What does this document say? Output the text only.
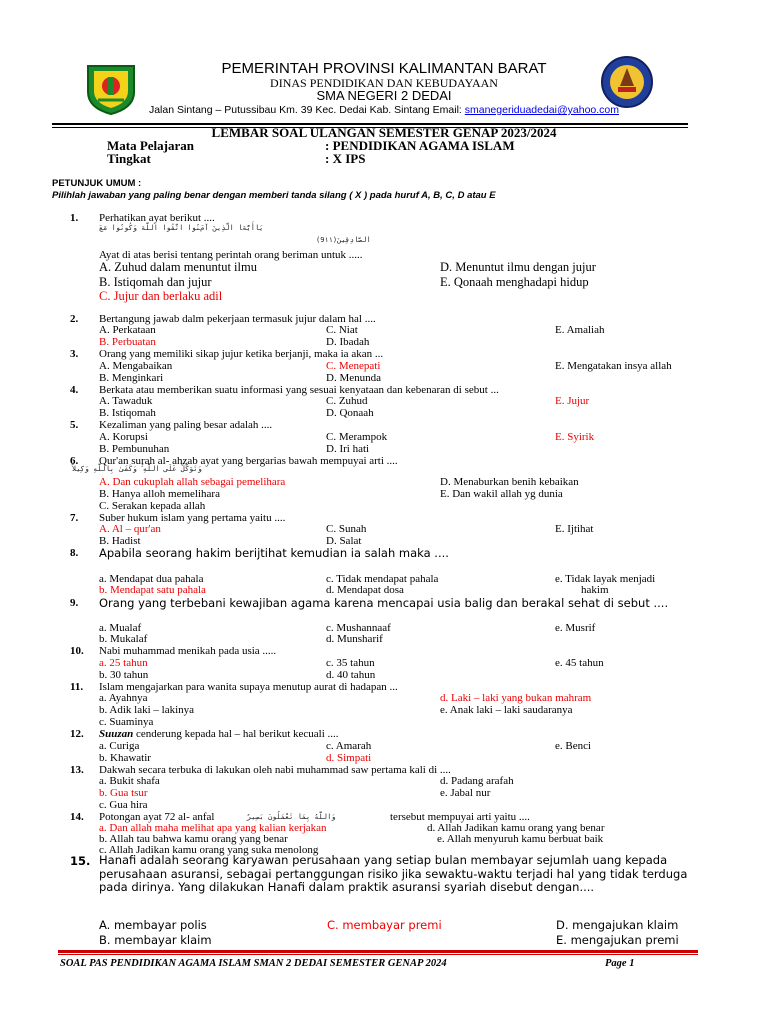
PEMERINTAH PROVINSI KALIMANTAN BARAT
DINAS PENDIDIKAN DAN KEBUDAYAAN
SMA NEGERI 2 DEDAI
Jalan Sintang – Putussibau Km. 39 Kec. Dedai Kab. Sintang Email: smanegeriduadedai@yahoo.com
LEMBAR SOAL ULANGAN SEMESTER GENAP 2023/2024
Mata Pelajaran	: PENDIDIKAN AGAMA ISLAM
Tingkat	: X IPS
PETUNJUK UMUM :
Pilihlah jawaban yang paling benar dengan memberi tanda silang ( X ) pada huruf A, B, C, D atau E
1. Perhatikan ayat berikut ....
ﯾَﺎأَيُّهَﺎ الَّذِينَ آمَﻨُﻮا اﺗَّﻘُﻮا اللَّهَ وَﻛُﻮﻧُﻮا ﻣَﻊَ
اﻟﺼَّﺎدِﻗِﯿﻦَ(9١١)
Ayat di atas berisi tentang perintah orang beriman untuk .....
A. Zuhud dalam menuntut ilmu
B. Istiqomah dan jujur
C. Jujur dan berlaku adil
D. Menuntut ilmu dengan jujur
E. Qonaah menghadapi hidup
2. Bertangung jawab dalm pekerjaan termasuk jujur dalam hal ....
A. Perkataan
B. Perbuatan
C. Niat
D. Ibadah
E. Amaliah
3. Orang yang memiliki sikap jujur ketika berjanji, maka ia akan ...
A. Mengabaikan
B. Menginkari
C. Menepati
D. Menunda
E. Mengatakan insya allah
4. Berkata atau memberikan suatu informasi yang sesuai kenyataan dan kebenaran di sebut ...
A. Tawaduk
B. Istiqomah
C. Zuhud
D. Qonaah
E. Jujur
5. Kezaliman yang paling besar adalah ....
A. Korupsi
B. Pembunuhan
C. Merampok
D. Iri hati
E. Syirik
6. Qur'an surah al- ahzab ayat yang bergarias bawah mempuyai arti ....
وَﺗَﻮَﻛَّﻞْ ﻋَﻠَﻰ اﻟﻠَّﻪِ ۚ وَﻛَﻔَﻰٰ ﺑِﺎﻟﻠَّﻪِ وَﻛِﯿﻼً
A. Dan cukuplah allah sebagai pemelihara
B. Hanya alloh memelihara
C. Serakan kepada allah
D. Menaburkan benih kebaikan
E. Dan wakil allah yg dunia
7. Suber hukum islam yang pertama yaitu ....
A. Al – qur'an
B. Hadist
C. Sunah
D. Salat
E. Ijtihat
8. Apabila seorang hakim berijtihat kemudian ia salah maka ....
a. Mendapat dua pahala
b. Mendapat satu pahala
c. Tidak mendapat pahala
d. Mendapat dosa
e. Tidak layak menjadi
hakim
9. Orang yang terbebani kewajiban agama karena mencapai usia balig dan berakal sehat di sebut ....
a. Mualaf
b. Mukalaf
c. Mushannaaf
d. Munsharif
e. Musrif
10. Nabi muhammad menikah pada usia .....
a. 25 tahun
b. 30 tahun
c. 35 tahun
d. 40 tahun
e. 45 tahun
11. Islam mengajarkan para wanita supaya menutup aurat di hadapan ...
a. Ayahnya
b. Adik laki – lakinya
c. Suaminya
d. Laki – laki yang bukan mahram
e. Anak laki – laki saudaranya
12. Suuzan cenderung kepada hal – hal berikut kecuali ....
a. Curiga
b. Khawatir
c. Amarah
d. Simpati
e. Benci
13. Dakwah secara terbuka di lakukan oleh nabi muhammad saw pertama kali di ....
a. Bukit shafa
b. Gua tsur
c. Gua hira
d. Padang arafah
e. Jabal nur
14. Potongan ayat 72 al- anfal	وَاللَّهُ بِمَا تَعْمَلُونَ بَصِيرٌ	tersebut mempuyai arti yaitu ....
a. Dan allah maha melihat apa yang kalian kerjakan
b. Allah tau bahwa kamu orang yang benar
c. Allah Jadikan kamu orang yang suka menolong
d. Allah Jadikan kamu orang yang benar
e. Allah menyuruh kamu berbuat baik
15. Hanafi adalah seorang karyawan perusahaan yang setiap bulan membayar sejumlah uang kepada perusahaan asuransi, sebagai pertanggungan risiko jika sewaktu-waktu terjadi hal yang tidak terduga pada dirinya. Yang dilakukan Hanafi dalam praktik asuransi syariah disebut dengan....
A. membayar polis
B. membayar klaim
C. membayar premi	D. mengajukan klaim
E. mengajukan premi
SOAL PAS PENDIDIKAN AGAMA ISLAM SMAN 2 DEDAI SEMESTER GENAP 2024	Page 1
